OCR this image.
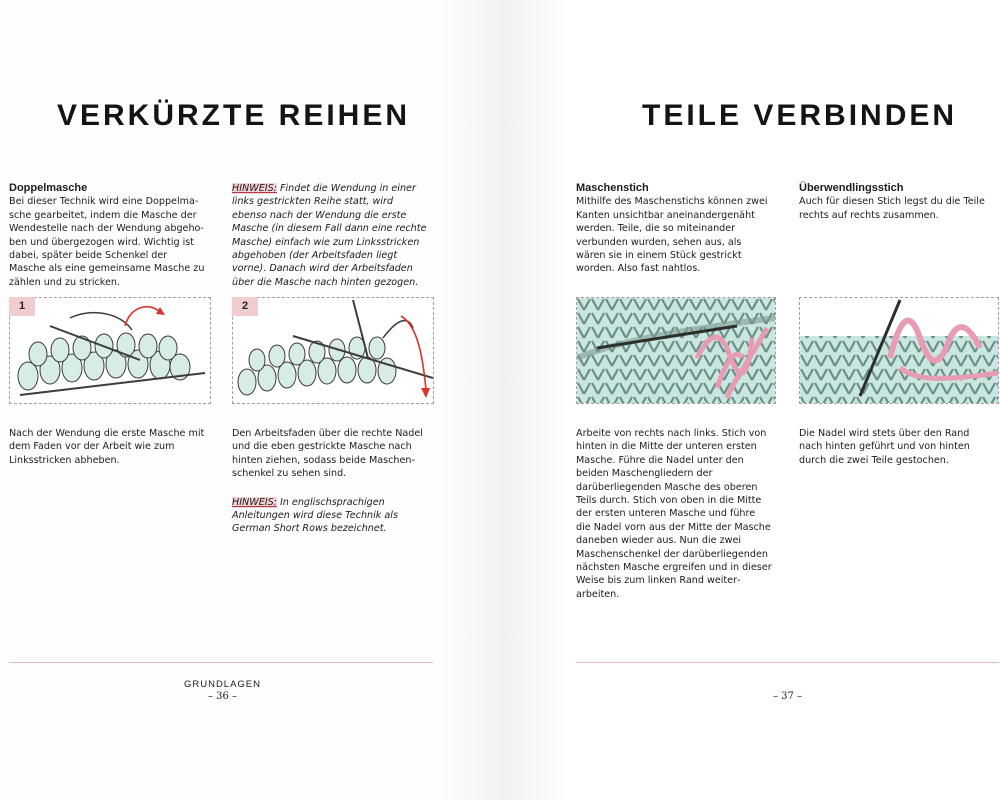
VERKÜRZTE REIHEN

Doppelmasche

Bei dieser Technik wird eine Doppelmasche gearbeitet, indem die Masche der Wendestelle nach der Wendung abgehoben und übergezogen wird. Wichtig ist dabei, später beide Schenkel der Masche als eine gemeinsame Masche zu zählen und zu stricken.

HINWEIS: Findet die Wendung in einer links gestrickten Reihe statt, wird ebenso nach der Wendung die erste Masche (in diesem Fall dann eine rechte Masche) einfach wie zum Linksstricken abgehoben (der Arbeitsfaden liegt vorne). Danach wird der Arbeitsfaden über die Masche nach hinten gezogen.

1	2

Nach der Wendung die erste Masche mit dem Faden vor der Arbeit wie zum Linksstricken abheben.

Den Arbeitsfaden über die rechte Nadel und die eben gestrickte Masche nach hinten ziehen, sodass beide Maschenschenkel zu sehen sind.

HINWEIS: In englischsprachigen Anleitungen wird diese Technik als German Short Rows bezeichnet.

GRUNDLAGEN
– 36 –
TEILE VERBINDEN

Maschenstich

Mithilfe des Maschenstichs können zwei Kanten unsichtbar aneinandergenäht werden. Teile, die so miteinander verbunden wurden, sehen aus, als wären sie in einem Stück gestrickt worden. Also fast nahtlos.

Überwendlingsstich

Auch für diesen Stich legst du die Teile rechts auf rechts zusammen.

Arbeite von rechts nach links. Stich von hinten in die Mitte der unteren ersten Masche. Führe die Nadel unter den beiden Maschengliedern der darüberliegenden Masche des oberen Teils durch. Stich von oben in die Mitte der ersten unteren Masche und führe die Nadel vorn aus der Mitte der Masche daneben wieder aus. Nun die zwei Maschenschenkel der darüberliegenden nächsten Masche ergreifen und in dieser Weise bis zum linken Rand weiterarbeiten.

Die Nadel wird stets über den Rand nach hinten geführt und von hinten durch die zwei Teile gestochen.

– 37 –
